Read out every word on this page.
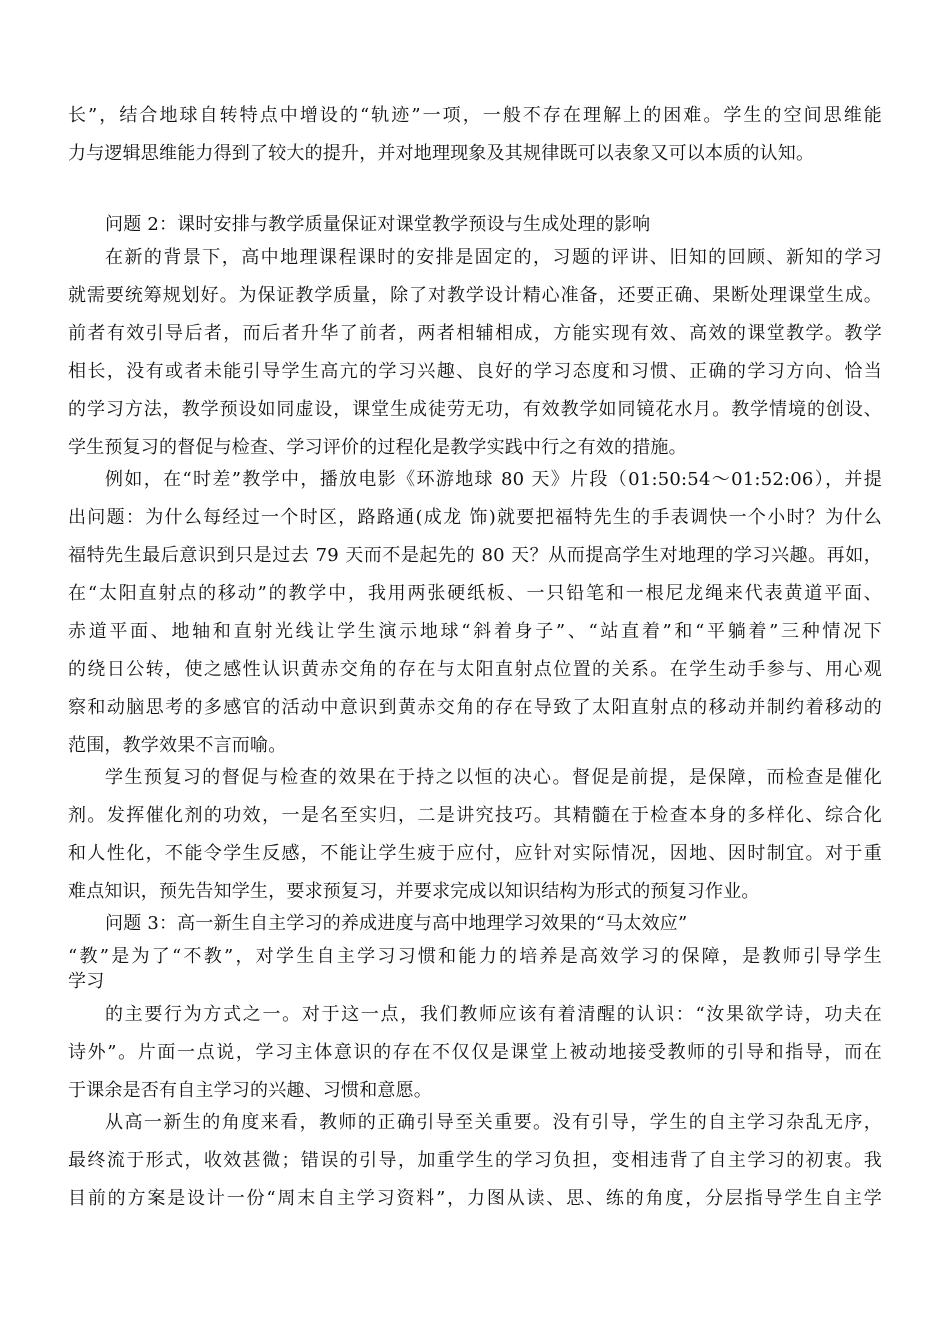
长”，结合地球自转特点中增设的“轨迹”一项，一般不存在理解上的困难。学生的空间思维能
力与逻辑思维能力得到了较大的提升，并对地理现象及其规律既可以表象又可以本质的认知。
问题 2：课时安排与教学质量保证对课堂教学预设与生成处理的影响
在新的背景下，高中地理课程课时的安排是固定的，习题的评讲、旧知的回顾、新知的学习
就需要统筹规划好。为保证教学质量，除了对教学设计精心准备，还要正确、果断处理课堂生成。
前者有效引导后者，而后者升华了前者，两者相辅相成，方能实现有效、高效的课堂教学。教学
相长，没有或者未能引导学生高亢的学习兴趣、良好的学习态度和习惯、正确的学习方向、恰当
的学习方法，教学预设如同虚设，课堂生成徒劳无功，有效教学如同镜花水月。教学情境的创设、
学生预复习的督促与检查、学习评价的过程化是教学实践中行之有效的措施。
例如，在“时差”教学中，播放电影《环游地球 80 天》片段（01:50:54～01:52:06），并提
出问题：为什么每经过一个时区，路路通(成龙 饰)就要把福特先生的手表调快一个小时？为什么
福特先生最后意识到只是过去 79 天而不是起先的 80 天？从而提高学生对地理的学习兴趣。再如，
在“太阳直射点的移动”的教学中，我用两张硬纸板、一只铅笔和一根尼龙绳来代表黄道平面、
赤道平面、地轴和直射光线让学生演示地球“斜着身子”、“站直着”和“平躺着”三种情况下
的绕日公转，使之感性认识黄赤交角的存在与太阳直射点位置的关系。在学生动手参与、用心观
察和动脑思考的多感官的活动中意识到黄赤交角的存在导致了太阳直射点的移动并制约着移动的
范围，教学效果不言而喻。
学生预复习的督促与检查的效果在于持之以恒的决心。督促是前提，是保障，而检查是催化
剂。发挥催化剂的功效，一是名至实归，二是讲究技巧。其精髓在于检查本身的多样化、综合化
和人性化，不能令学生反感，不能让学生疲于应付，应针对实际情况，因地、因时制宜。对于重
难点知识，预先告知学生，要求预复习，并要求完成以知识结构为形式的预复习作业。
问题 3：高一新生自主学习的养成进度与高中地理学习效果的“马太效应”
“教”是为了“不教”，对学生自主学习习惯和能力的培养是高效学习的保障，是教师引导学生
学习
的主要行为方式之一。对于这一点，我们教师应该有着清醒的认识：“汝果欲学诗，功夫在
诗外”。片面一点说，学习主体意识的存在不仅仅是课堂上被动地接受教师的引导和指导，而在
于课余是否有自主学习的兴趣、习惯和意愿。
从高一新生的角度来看，教师的正确引导至关重要。没有引导，学生的自主学习杂乱无序，
最终流于形式，收效甚微；错误的引导，加重学生的学习负担，变相违背了自主学习的初衷。我
目前的方案是设计一份“周末自主学习资料”，力图从读、思、练的角度，分层指导学生自主学
